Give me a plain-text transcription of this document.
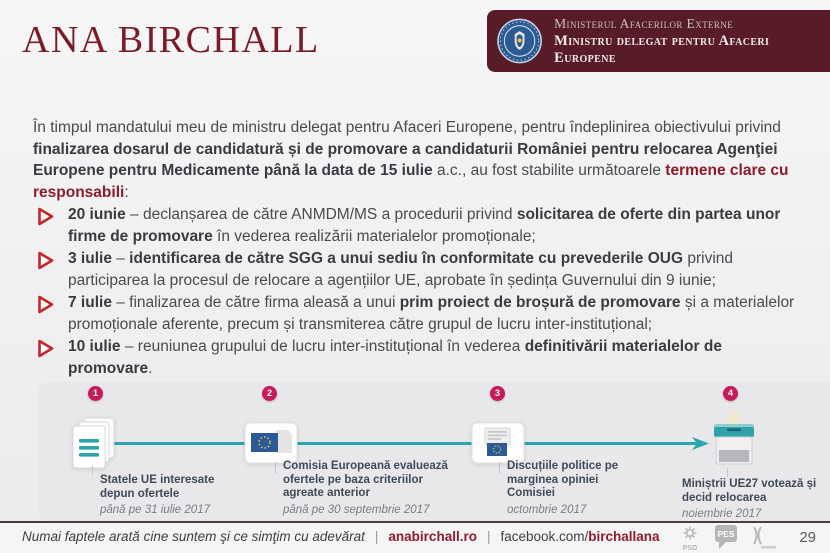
ANA BIRCHALL	Ministerul Afacerilor Externe
Ministru delegat pentru Afaceri Europene
În timpul mandatului meu de ministru delegat pentru Afaceri Europene, pentru îndeplinirea obiectivului privind finalizarea dosarul de candidatură și de promovare a candidaturii României pentru relocarea Agenţiei Europene pentru Medicamente până la data de 15 iulie a.c., au fost stabilite următoarele termene clare cu responsabili:
20 iunie – declanșarea de către ANMDM/MS a procedurii privind solicitarea de oferte din partea unor firme de promovare în vederea realizării materialelor promoționale;
3 iulie – identificarea de către SGG a unui sediu în conformitate cu prevederile OUG privind participarea la procesul de relocare a agențiilor UE, aprobate în ședința Guvernului din 9 iunie;
7 iulie – finalizarea de către firma aleasă a unui prim proiect de broșură de promovare și a materialelor promoționale aferente, precum și transmiterea către grupul de lucru inter-instituțional;
10 iulie – reuniunea grupului de lucru inter-instituțional în vederea definitivării materialelor de promovare.
1	2	3	4
Statele UE interesate depun ofertele
până pe 31 iulie 2017
Comisia Europeană evaluează ofertele pe baza criteriilor agreate anterior
până pe 30 septembrie 2017
Discuțiile politice pe marginea opiniei Comisiei
octombrie 2017
Miniștrii UE27 votează și decid relocarea
noiembrie 2017
Numai faptele arată cine suntem şi ce simţim cu adevărat | anabirchall.ro | facebook.com/birchallana
PSD
PES	29
